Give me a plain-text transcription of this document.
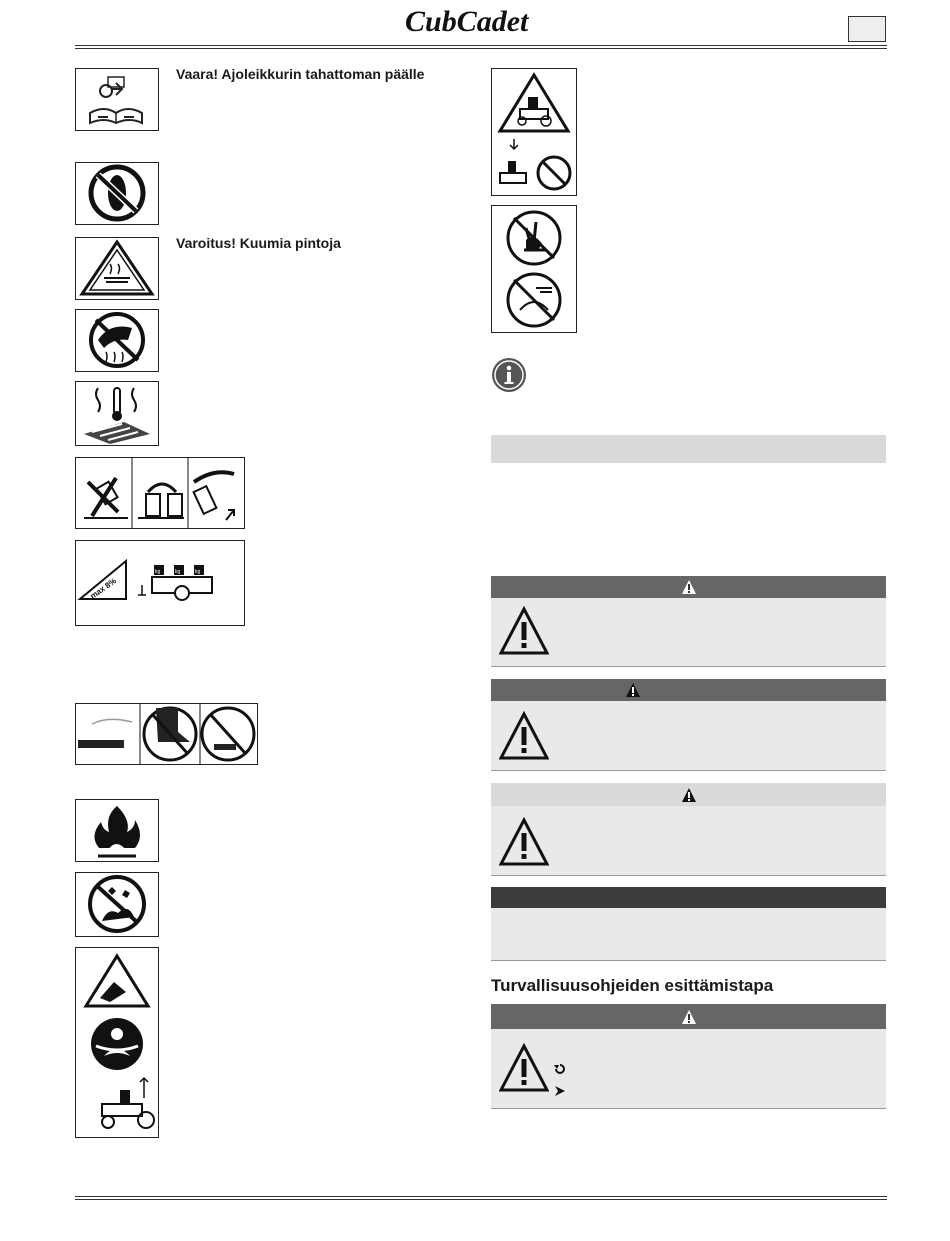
CubCadet
Vaara! Ajoleikkurin tahattoman päälle
Varoitus! Kuumia pintoja
max 8%
kg	kg	kg
Turvallisuusohjeiden esittämistapa
